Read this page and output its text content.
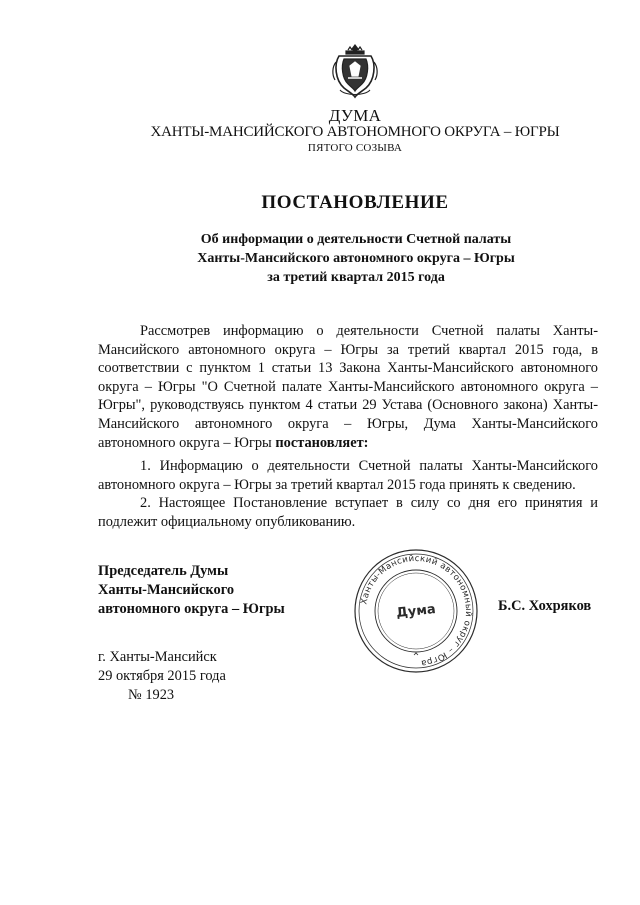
ДУМА
ХАНТЫ-МАНСИЙСКОГО АВТОНОМНОГО ОКРУГА – ЮГРЫ
ПЯТОГО СОЗЫВА
ПОСТАНОВЛЕНИЕ
Об информации о деятельности Счетной палаты
Ханты-Мансийского автономного округа – Югры
за третий квартал 2015 года
Рассмотрев информацию о деятельности Счетной палаты Ханты-Мансийского автономного округа – Югры за третий квартал 2015 года, в соответствии с пунктом 1 статьи 13 Закона Ханты-Мансийского автономного округа – Югры "О Счетной палате Ханты-Мансийского автономного округа – Югры", руководствуясь пунктом 4 статьи 29 Устава (Основного закона) Ханты-Мансийского автономного округа – Югры, Дума Ханты-Мансийского автономного округа – Югры постановляет:
1. Информацию о деятельности Счетной палаты Ханты-Мансийского автономного округа – Югры за третий квартал 2015 года принять к сведению.
2. Настоящее Постановление вступает в силу со дня его принятия и подлежит официальному опубликованию.
Председатель Думы
Ханты-Мансийского
автономного округа – Югры	Ханты-Мансийский автономный округ – Югра
Дума	Б.С. Хохряков
г. Ханты-Мансийск
29 октября 2015 года
№ 1923
